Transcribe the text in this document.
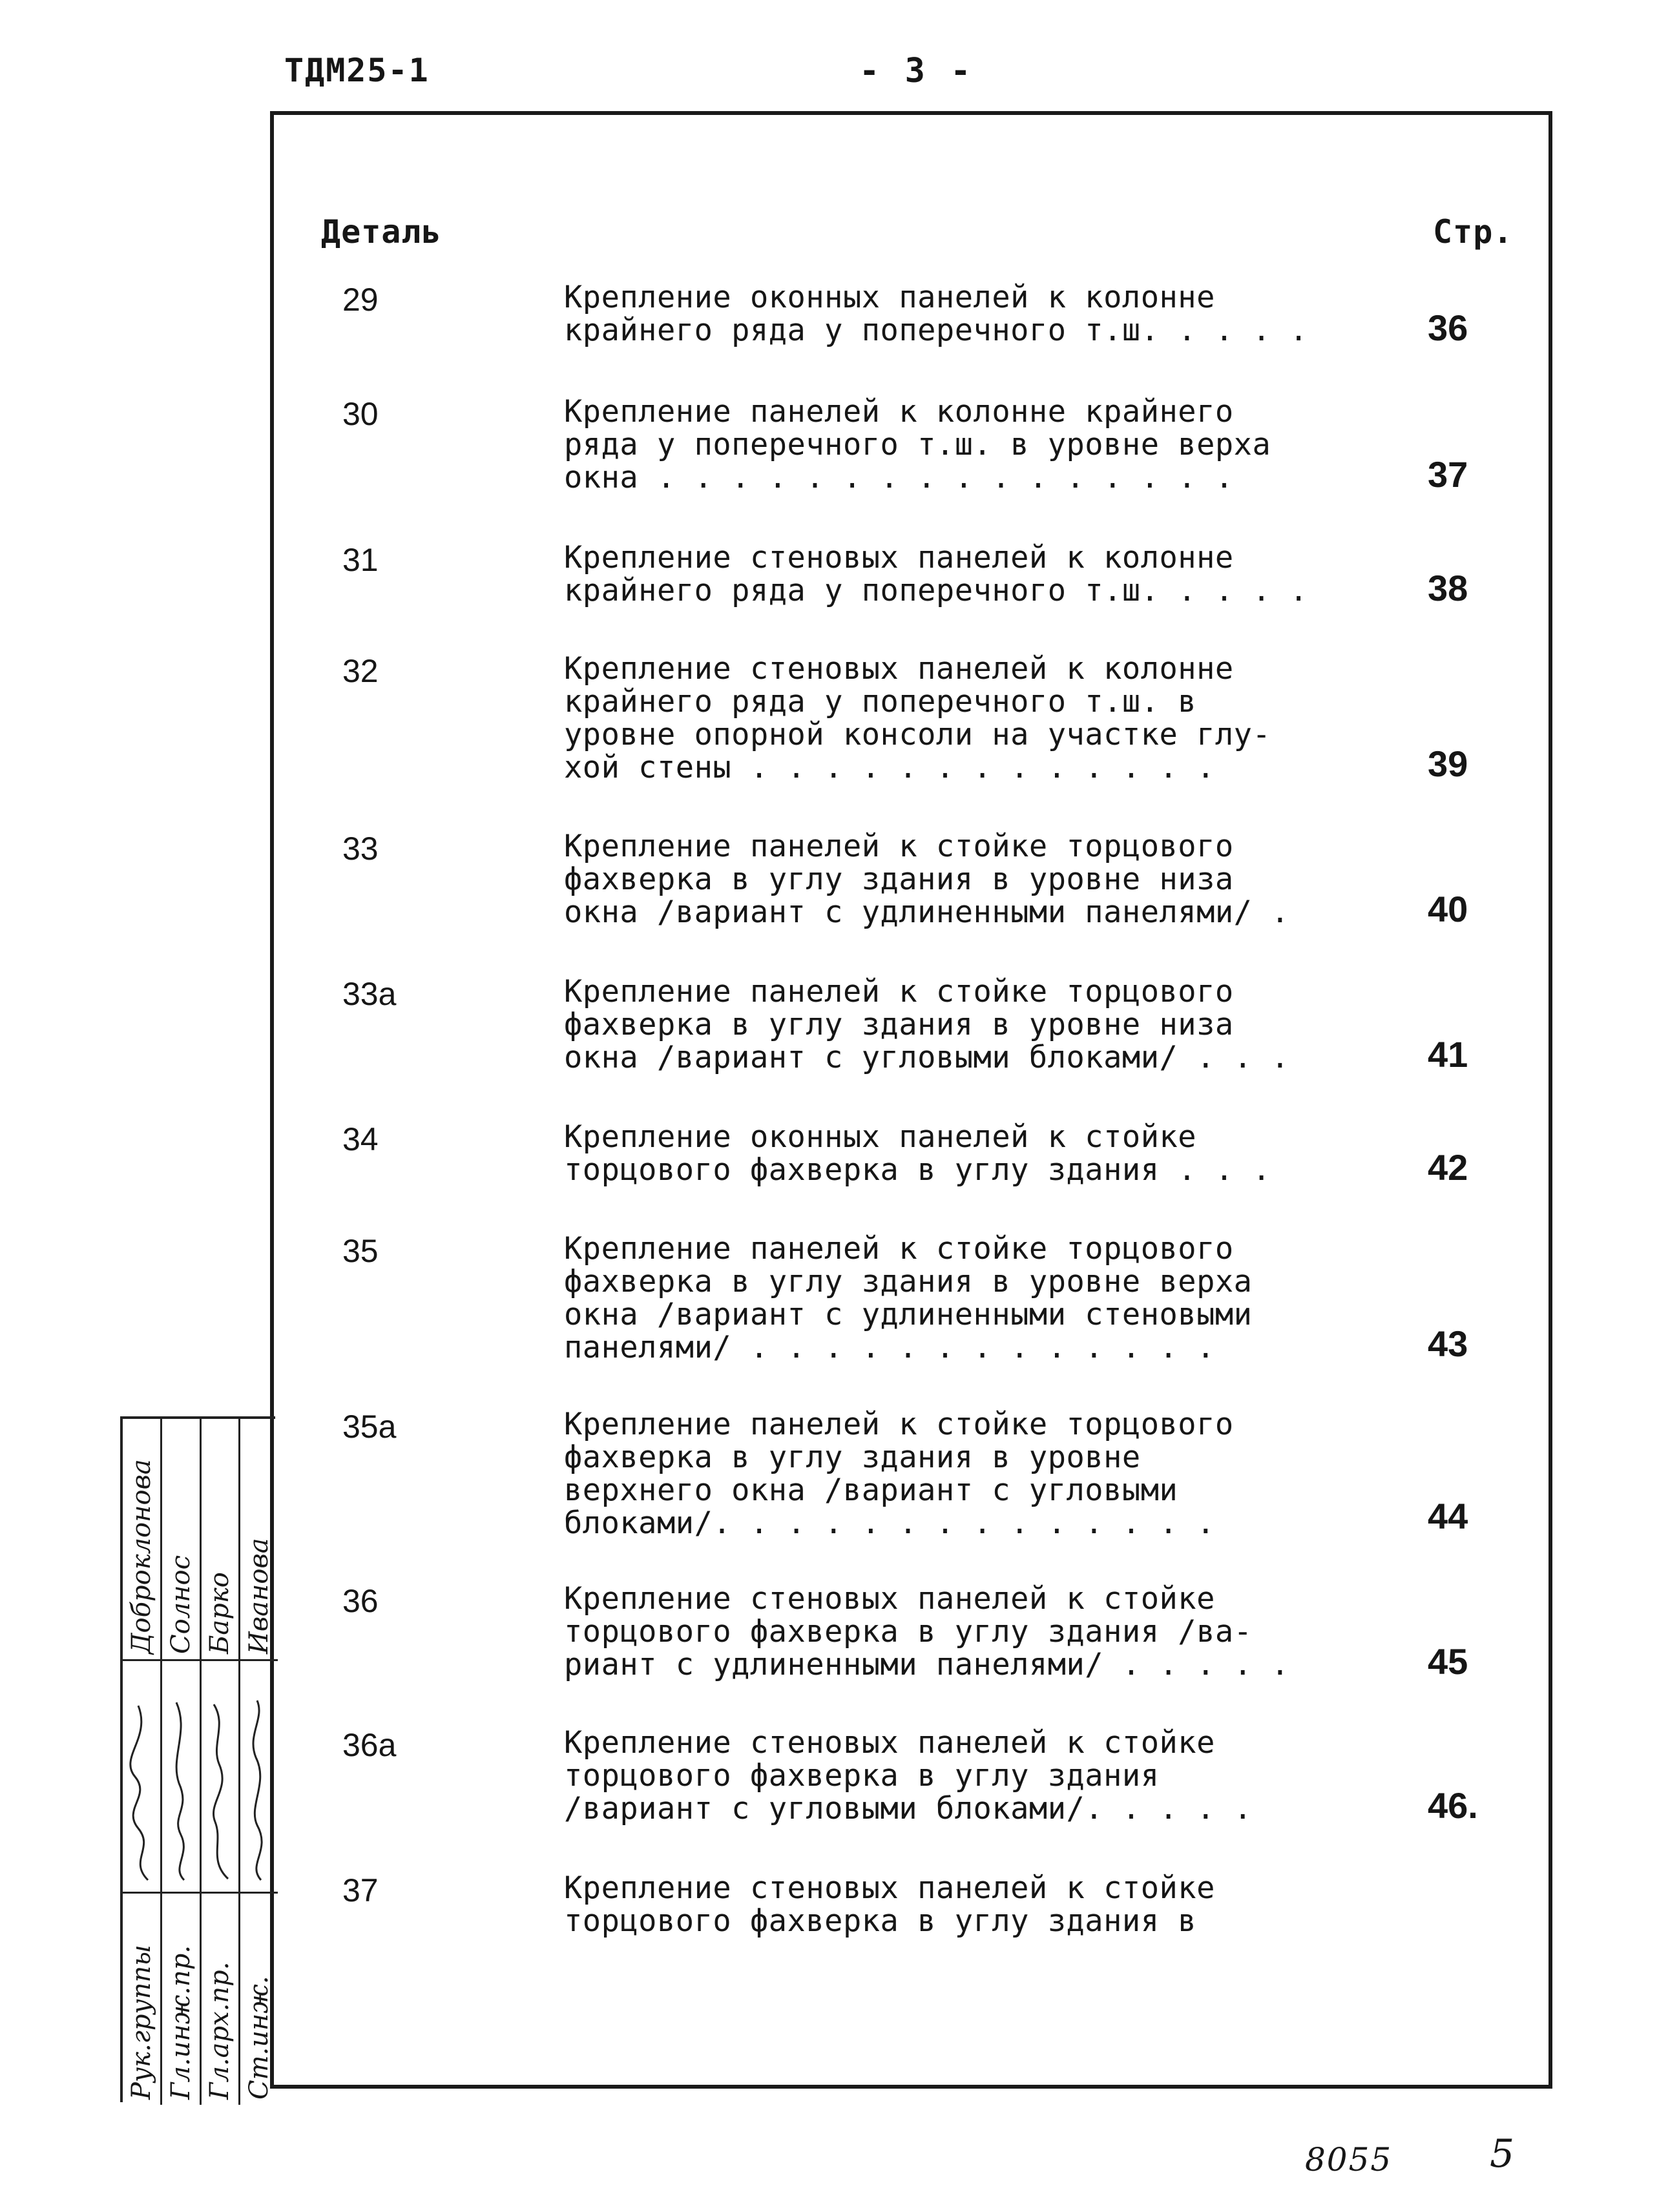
ТДМ25-1	- 3 -
Деталь	Стр.
29	Крепление оконных панелей к колонне
крайнего ряда у поперечного т.ш. . . . .	36
30	Крепление панелей к колонне крайнего
ряда у поперечного т.ш. в уровне верха
окна . . . . . . . . . . . . . . . .	37
31	Крепление стеновых панелей к колонне
крайнего ряда у поперечного т.ш. . . . .	38
32	Крепление стеновых панелей к колонне
крайнего ряда у поперечного т.ш. в
уровне опорной консоли на участке глу-
хой стены . . . . . . . . . . . . .	39
33	Крепление панелей к стойке торцового
фахверка в углу здания в уровне низа
окна /вариант с удлиненными панелями/ .	40
33а	Крепление панелей к стойке торцового
фахверка в углу здания в уровне низа
окна /вариант с угловыми блоками/ . . .	41
34	Крепление оконных панелей к стойке
торцового фахверка в углу здания . . .	42
35	Крепление панелей к стойке торцового
фахверка в углу здания в уровне верха
окна /вариант с удлиненными стеновыми
панелями/ . . . . . . . . . . . . .	43
35а	Крепление панелей к стойке торцового
фахверка в углу здания в уровне
верхнего окна /вариант с угловыми
блоками/. . . . . . . . . . . . . .	44
36	Крепление стеновых панелей к стойке
торцового фахверка в углу здания /ва-
риант с удлиненными панелями/ . . . . .	45
36а	Крепление стеновых панелей к стойке
торцового фахверка в углу здания
/вариант с угловыми блоками/. . . . .	46.
37	Крепление стеновых панелей к стойке
торцового фахверка в углу здания в
Рук.группы
Доброклонова
Гл.инж.пр.
Солнос
Гл.арх.пр.
Барко
Ст.инж.
Иванова
8055	5
